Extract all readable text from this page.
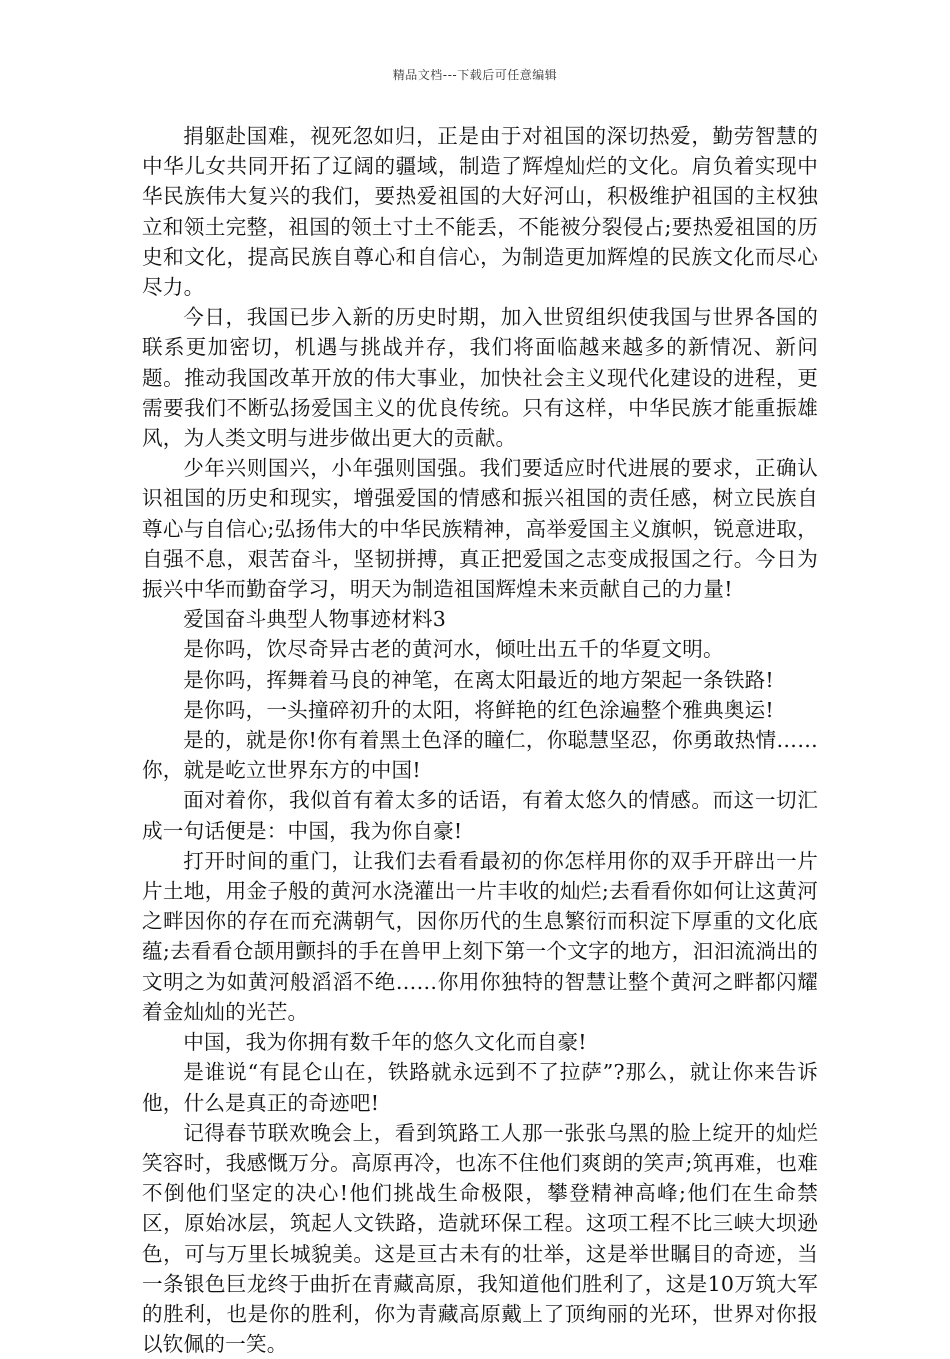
精品文档---下载后可任意编辑

捐躯赴国难，视死忽如归，正是由于对祖国的深切热爱，勤劳智慧的中华儿女共同开拓了辽阔的疆域，制造了辉煌灿烂的文化。肩负着实现中华民族伟大复兴的我们，要热爱祖国的大好河山，积极维护祖国的主权独立和领土完整，祖国的领土寸土不能丢，不能被分裂侵占;要热爱祖国的历史和文化，提高民族自尊心和自信心，为制造更加辉煌的民族文化而尽心尽力。

今日，我国已步入新的历史时期，加入世贸组织使我国与世界各国的联系更加密切，机遇与挑战并存，我们将面临越来越多的新情况、新问题。推动我国改革开放的伟大事业，加快社会主义现代化建设的进程，更需要我们不断弘扬爱国主义的优良传统。只有这样，中华民族才能重振雄风，为人类文明与进步做出更大的贡献。

少年兴则国兴，小年强则国强。我们要适应时代进展的要求，正确认识祖国的历史和现实，增强爱国的情感和振兴祖国的责任感，树立民族自尊心与自信心;弘扬伟大的中华民族精神，高举爱国主义旗帜，锐意进取，自强不息，艰苦奋斗，坚韧拼搏，真正把爱国之志变成报国之行。今日为振兴中华而勤奋学习，明天为制造祖国辉煌未来贡献自己的力量!

爱国奋斗典型人物事迹材料3

是你吗，饮尽奇异古老的黄河水，倾吐出五千的华夏文明。

是你吗，挥舞着马良的神笔，在离太阳最近的地方架起一条铁路!

是你吗，一头撞碎初升的太阳，将鲜艳的红色涂遍整个雅典奥运!

是的，就是你!你有着黑土色泽的瞳仁，你聪慧坚忍，你勇敢热情……你，就是屹立世界东方的中国!

面对着你，我似首有着太多的话语，有着太悠久的情感。而这一切汇成一句话便是：中国，我为你自豪!

打开时间的重门，让我们去看看最初的你怎样用你的双手开辟出一片片土地，用金子般的黄河水浇灌出一片丰收的灿烂;去看看你如何让这黄河之畔因你的存在而充满朝气，因你历代的生息繁衍而积淀下厚重的文化底蕴;去看看仓颉用颤抖的手在兽甲上刻下第一个文字的地方，汩汩流淌出的文明之为如黄河般滔滔不绝……你用你独特的智慧让整个黄河之畔都闪耀着金灿灿的光芒。

中国，我为你拥有数千年的悠久文化而自豪!

是谁说“有昆仑山在，铁路就永远到不了拉萨”?那么，就让你来告诉他，什么是真正的奇迹吧!

记得春节联欢晚会上，看到筑路工人那一张张乌黑的脸上绽开的灿烂笑容时，我感慨万分。高原再冷，也冻不住他们爽朗的笑声;筑再难，也难不倒他们坚定的决心!他们挑战生命极限，攀登精神高峰;他们在生命禁区，原始冰层，筑起人文铁路，造就环保工程。这项工程不比三峡大坝逊色，可与万里长城貌美。这是亘古未有的壮举，这是举世瞩目的奇迹，当一条银色巨龙终于曲折在青藏高原，我知道他们胜利了，这是10万筑大军的胜利，也是你的胜利，你为青藏高原戴上了顶绚丽的光环，世界对你报以钦佩的一笑。
